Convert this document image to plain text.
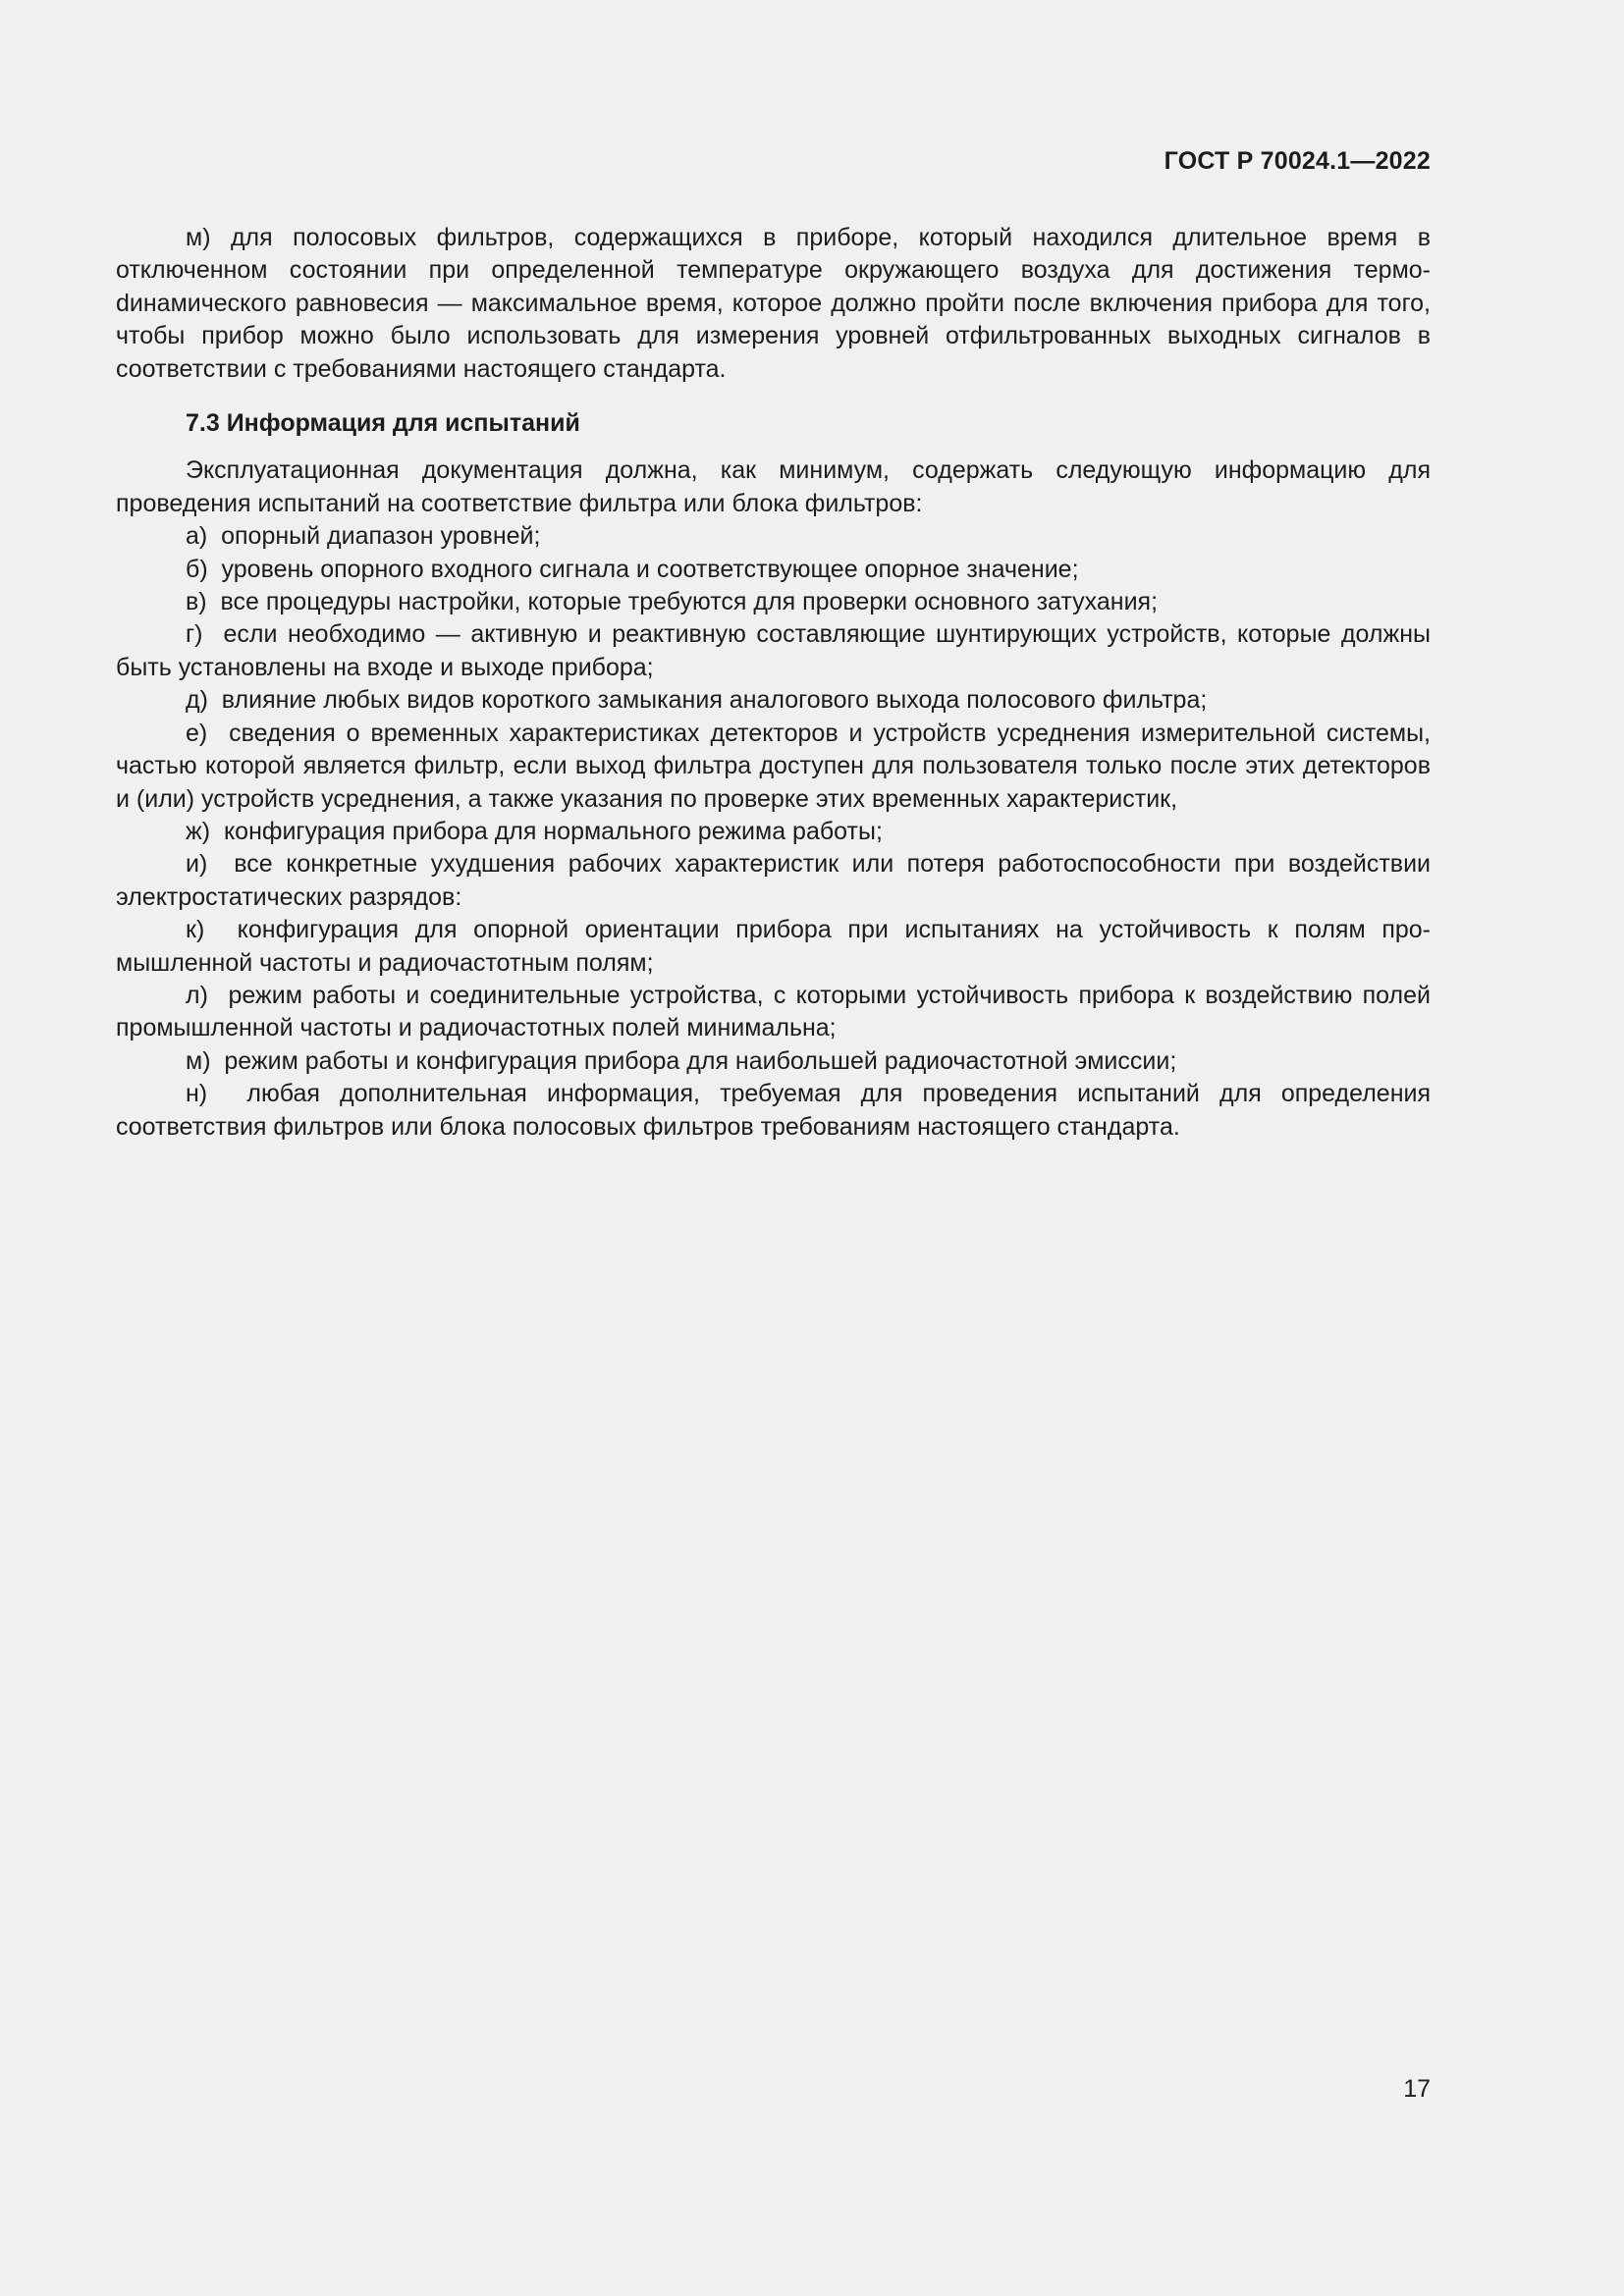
ГОСТ Р 70024.1—2022

м) для полосовых фильтров, содержащихся в приборе, который находился длительное время в отключенном состоянии при определенной температуре окружающего воздуха для достижения термоdинамического равновесия — максимальное время, которое должно пройти после включения прибора для того, чтобы прибор можно было использовать для измерения уровней отфильтрованных выходных сигналов в соответствии с требованиями настоящего стандарта.

7.3 Информация для испытаний

Эксплуатационная документация должна, как минимум, содержать следующую информацию для проведения испытаний на соответствие фильтра или блока фильтров:

а)  опорный диапазон уровней;

б)  уровень опорного входного сигнала и соответствующее опорное значение;

в)  все процедуры настройки, которые требуются для проверки основного затухания;

г)  если необходимо — активную и реактивную составляющие шунтирующих устройств, которые должны быть установлены на входе и выходе прибора;

д)  влияние любых видов короткого замыкания аналогового выхода полосового фильтра;

е)  сведения о временных характеристиках детекторов и устройств усреднения измерительной системы, частью которой является фильтр, если выход фильтра доступен для пользователя только после этих детекторов и (или) устройств усреднения, а также указания по проверке этих временных характеристик,

ж)  конфигурация прибора для нормального режима работы;

и)  все конкретные ухудшения рабочих характеристик или потеря работоспособности при воздействии электростатических разрядов:

к)  конфигурация для опорной ориентации прибора при испытаниях на устойчивость к полям промышленной частоты и радиочастотным полям;

л)  режим работы и соединительные устройства, с которыми устойчивость прибора к воздействию полей промышленной частоты и радиочастотных полей минимальна;

м)  режим работы и конфигурация прибора для наибольшей радиочастотной эмиссии;

н)  любая дополнительная информация, требуемая для проведения испытаний для определения соответствия фильтров или блока полосовых фильтров требованиям настоящего стандарта.

17
